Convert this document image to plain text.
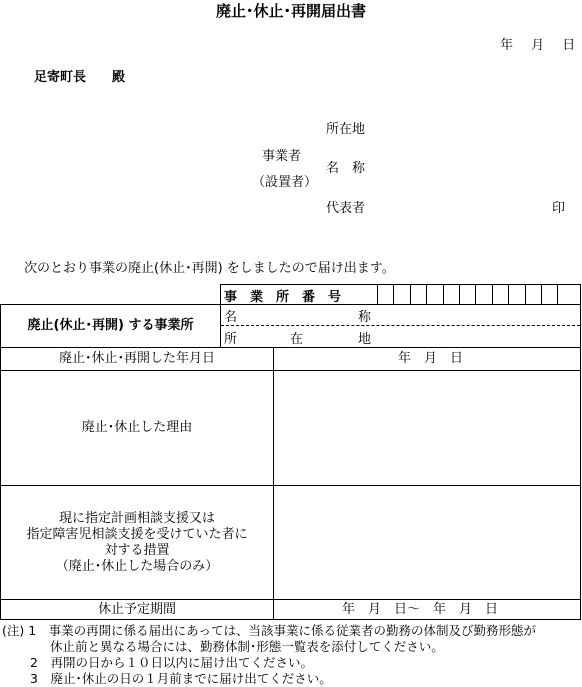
廃止･休止･再開届出書
年 月 日
足寄町長　　殿
所在地
事業者
名　称
（設置者）
代表者	印
次のとおり事業の廃止(休止･再開) をしましたので届け出ます。
廃止(休止･再開) する事業所
事　業　所　番　号
名	称
所	在	地
廃止･休止･再開した年月日	年　月　日
廃止･休止した理由
現に指定計画相談支援又は
指定障害児相談支援を受けていた者に
対する措置
（廃止･休止した場合のみ）
休止予定期間	年　月　日～　年　月　日
(注) 1　事業の再開に係る届出にあっては、当該事業に係る従業者の勤務の体制及び勤務形態が
休止前と異なる場合には、勤務体制･形態一覧表を添付してください。
2　再開の日から１０日以内に届け出てください。
3　廃止･休止の日の１月前までに届け出てください。
